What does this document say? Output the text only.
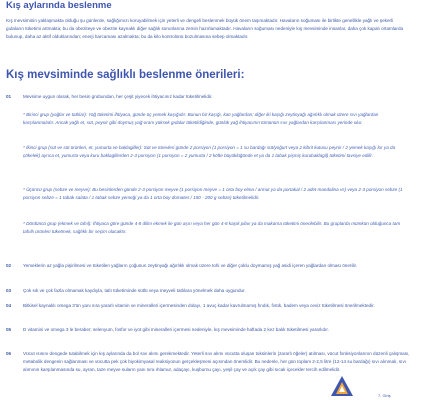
Kış aylarında beslenme
Kış mevsiminin yaklaşmakta olduğu şu günlerde, sağlığımızı koruyabilmek için yeterli ve dengeli beslenmek büyük önem taşımaktadır. Havaların soğuması ile birlikte genellikle yağlı ve şekerli gıdaların tüketimi artmakta; bu da obeziteye ve obezite kaynaklı diğer sağlık sorunlarına zemin hazırlamaktadır. Havaların soğuması nedeniyle kış mevsiminde insanlar, daha çok kapalı ortamlarda bulunup, daha az aktif olduklarından; enerji harcaması azalmakta; bu da kilo kontrolünü bozulmasına sebep olmaktadır.
Kış mevsiminde sağlıklı beslenme önerileri:
01	Mevsime uygun olarak, her besin grubundan, her çeşit yiyecek ihtiyacınız kadar tüketilmelidir.
* Birinci grup (yağlar ve tatlılar): Yağ tüketimi ihtiyaca, günde üç yemek kaşığıdır. Bunun bir kaşığı, katı yağlardan; diğer iki kaşığı zeytinyağı ağırlıklı olmak üzere sıvı yağlardan karşılanmalıdır. Ancak yağlı et, süt, peynir gibi doymuş yağ oranı yüksek gıdalar tüketildiğinde, günlük yağ ihtiyacının tümünün sıvı yağlardan karşılanması yerinde olur.
* İkinci grup (süt ve süt ürünleri, et, yumurta ve baklagiller): Süt ve türevleri günde 2 porsiyon (1 porsiyon = 1 su bardağı süt/yoğurt veya 2 kibrit kutusu peynir / 2 yemek kaşığı lor ya da çökelek) ayrıca et, yumurta veya kuru baklagillerden 2-3 porsiyon (1 porsiyon = 2 yumurta / 2 köfte büyüklüğünde et ya da 1 tabak pişmiş kurubaklagil) tüketimi tavsiye edilir.
* Üçüncü grup (sebze ve meyve): Bu besinlerden günde 2-3 porsiyon meyve (1 porsiyon meyve = 1 orta boy elma / armut ya da portakal / 2 adet mandalina vs) veya 2-3 porsiyon sebze (1 porsiyon sebze = 1 tabak salata / 1 tabak sebze yemeği ya da 1 orta boy domates / 150 - 200 g sebze) tüketilmelidir.
* Dördüncü grup (ekmek ve tahıl): İhtiyaca göre günde 4-8 dilim ekmek ile gün aşırı veya her gün 4-8 kaşık pilav ya da makarna tüketimi önerilebilir. Bu gruplarda mümkün olduğunca tam tahıllı ürünleri tüketmek, sağlıklı bir seçim olacaktır.
02	Yemeklerin az yağla pişirilmesi ve tüketilen yağların çoğunun zeytinyağı ağırlıklı olmak üzere tohi ve diğer çoklu doymamış yağ asidi içeren yağlardan olması önerilir.
03	Çok sık ve çok fazla olmamak kaydıyla, tatlı tüketiminde sütlü veya meyveli tatlılara yönelmek daha uygundur.
04	Bitkisel kaynaklı omega 3'ün yanı sıra yararlı vitamin ve mineralleri içermesinden dolayı, 1 avuç kadar kavrulmamış fındık, fıstık, badem veya ceviz tüketilmesi önerilmektedir.
05	D vitamini ve omega 3 le beraber; selenyum, fosfor ve iyot gibi mineralleri içermesi nedeniyle, kış mevsiminde haftada 2 kez balık tüketilmesi yararlıdır.
06	Vücut ısısını dengede tutabilmek için kış aylarında da bol sıvı alımı gerekmektedir. Yeterli sıvı alımı vücutta oluşan toksinlerin (zararlı öğeler) atılması, vücut fonksiyonlarının düzenli çalışması, metabolik dengenin sağlanması ve vücutta pek çok biyokimyasal reaksiyonun gerçekleşmesi açısından önemlidir. Bu nedenle, her gün toplam 2-2,5 litre (12-14 su bardağı) sıvı alınmalı, sıvı alımının karşılanmasında su, ayran, taze meyve suların yanı sıra ıhlamur, adaçayı, kuşburnu çayı, yeşil çay ve açık çay gibi sıcak içecekler tercih edilmelidir.
7. Giriş
